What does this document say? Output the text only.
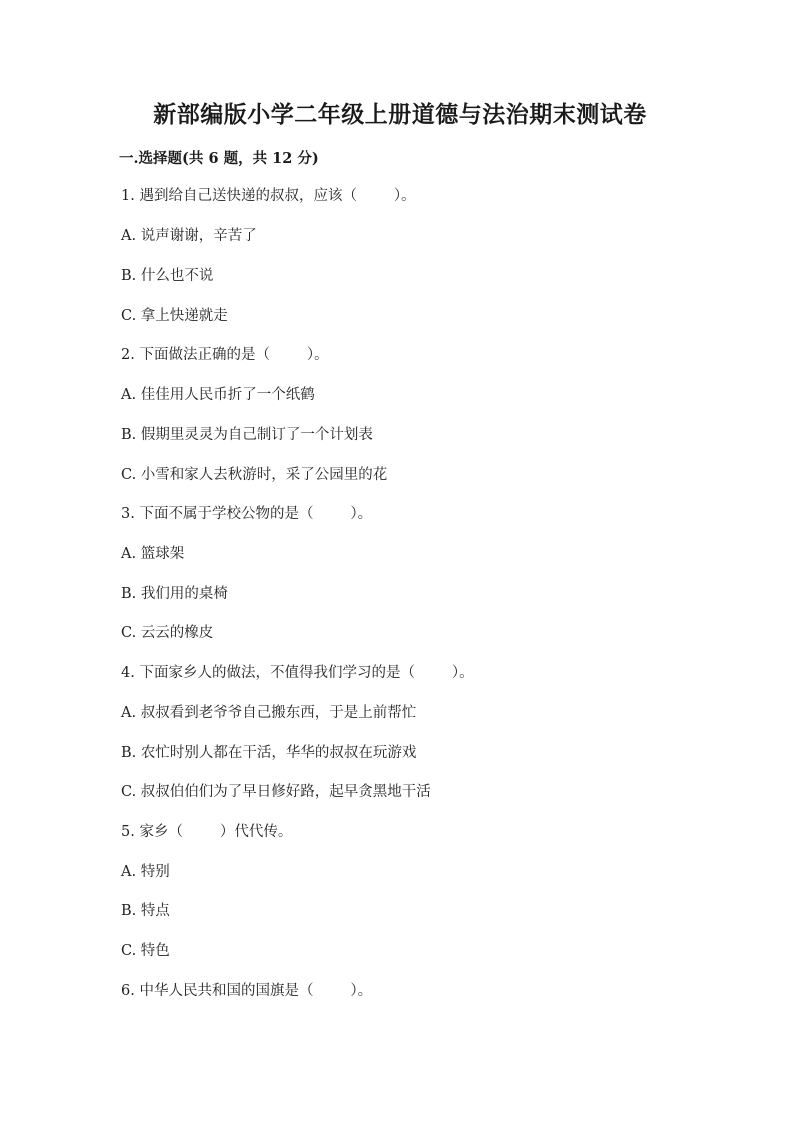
新部编版小学二年级上册道德与法治期末测试卷
一.选择题(共 6 题，共 12 分)
1. 遇到给自己送快递的叔叔，应该（        ）。
A. 说声谢谢，辛苦了
B. 什么也不说
C. 拿上快递就走
2. 下面做法正确的是（        ）。
A. 佳佳用人民币折了一个纸鹤
B. 假期里灵灵为自己制订了一个计划表
C. 小雪和家人去秋游时，采了公园里的花
3. 下面不属于学校公物的是（        ）。
A. 篮球架
B. 我们用的桌椅
C. 云云的橡皮
4. 下面家乡人的做法，不值得我们学习的是（        ）。
A. 叔叔看到老爷爷自己搬东西，于是上前帮忙
B. 农忙时别人都在干活，华华的叔叔在玩游戏
C. 叔叔伯伯们为了早日修好路，起早贪黑地干活
5. 家乡（        ）代代传。
A. 特别
B. 特点
C. 特色
6. 中华人民共和国的国旗是（        ）。
